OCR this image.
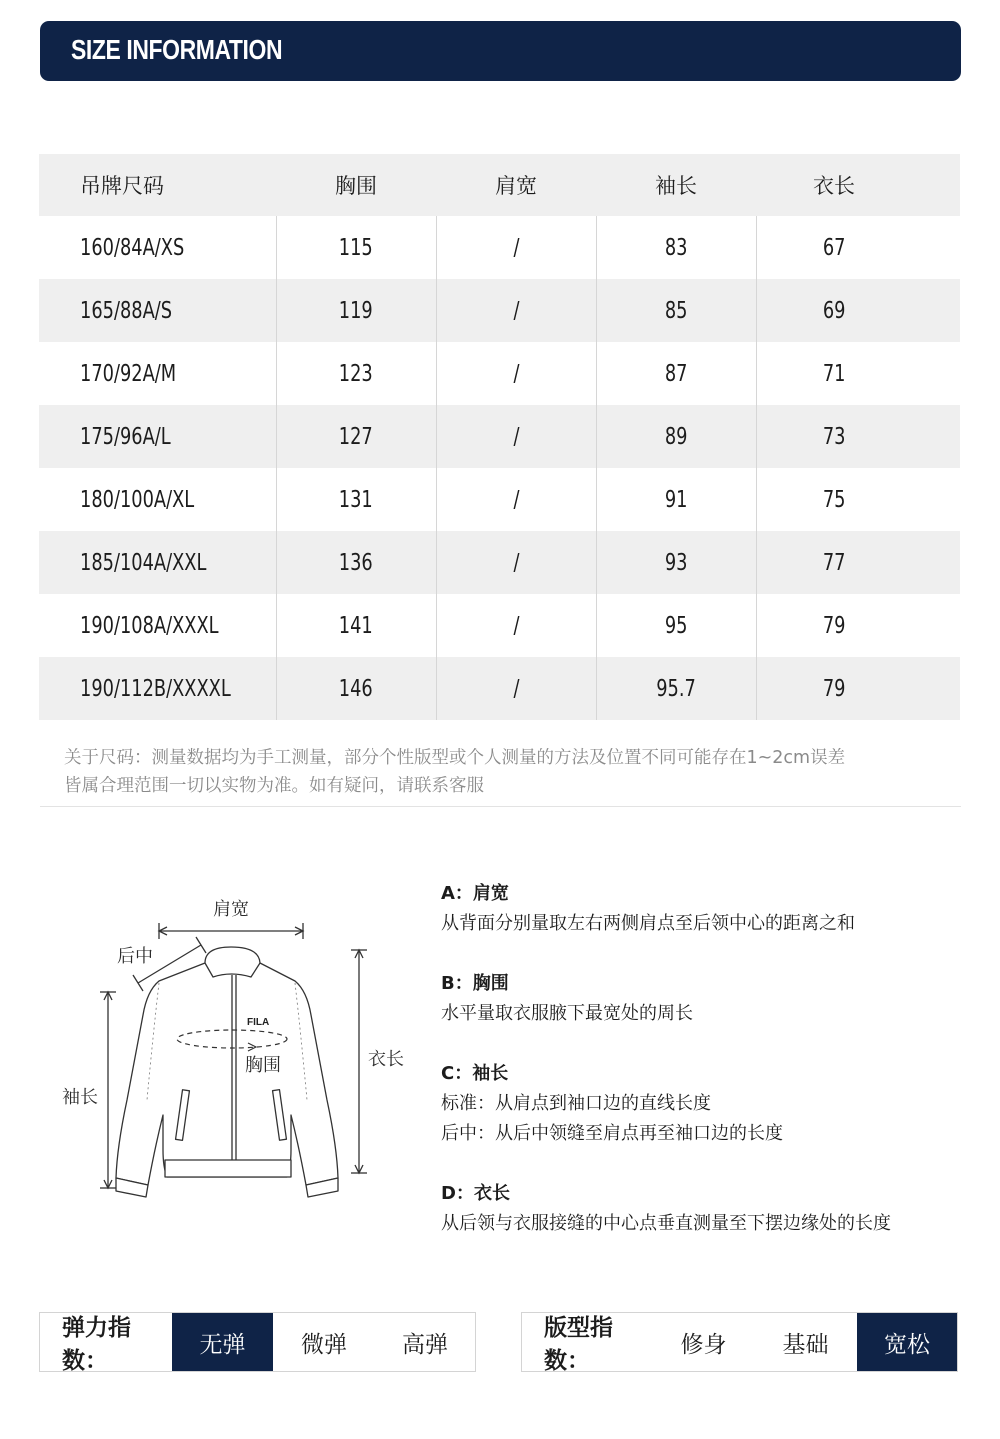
SIZE INFORMATION
吊牌尺码	胸围	肩宽	袖长	衣长
160/84A/XS	115	/	83	67
165/88A/S	119	/	85	69
170/92A/M	123	/	87	71
175/96A/L	127	/	89	73
180/100A/XL	131	/	91	75
185/104A/XXL	136	/	93	77
190/108A/XXXL	141	/	95	79
190/112B/XXXXL	146	/	95.7	79

关于尺码：测量数据均为手工测量，部分个性版型或个人测量的方法及位置不同可能存在1~2cm误差
皆属合理范围一切以实物为准。如有疑问，请联系客服

FILA
肩宽
后中
胸围	衣长
袖长
A：肩宽
从背面分别量取左右两侧肩点至后领中心的距离之和
B：胸围
水平量取衣服腋下最宽处的周长
C：袖长
标准：从肩点到袖口边的直线长度
后中：从后中领缝至肩点再至袖口边的长度
D：衣长
从后领与衣服接缝的中心点垂直测量至下摆边缘处的长度
弹力指数：
无弹	微弹	高弹
版型指数：
修身	基础	宽松
